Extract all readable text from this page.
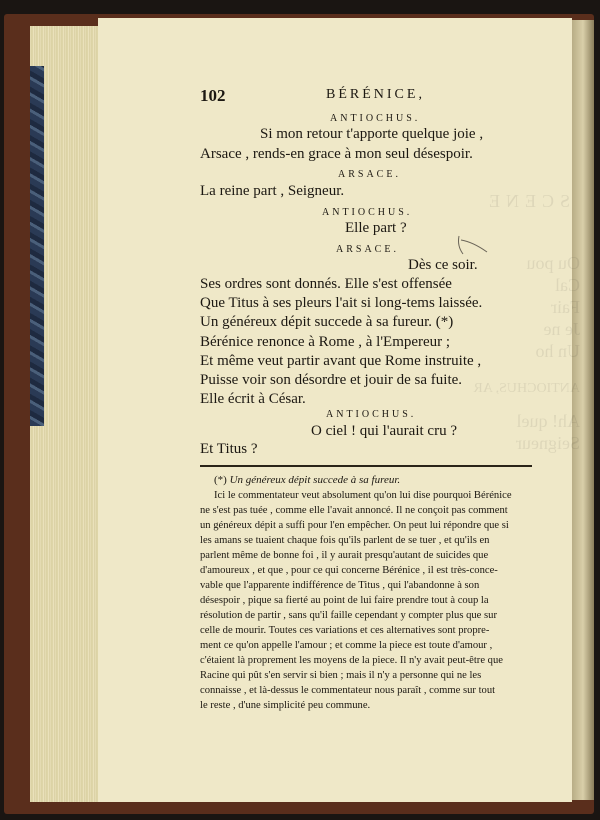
102	BÉRÉNICE,
ANTIOCHUS.
Si mon retour t'apporte quelque joie ,
Arsace , rends-en grace à mon seul désespoir.
ARSACE.
La reine part , Seigneur.
ANTIOCHUS.
Elle part ?
ARSACE.
Dès ce soir.
Ses ordres sont donnés. Elle s'est offensée
Que Titus à ses pleurs l'ait si long-tems laissée.
Un généreux dépit succede à sa fureur. (*)
Bérénice renonce à Rome , à l'Empereur ;
Et même veut partir avant que Rome instruite ,
Puisse voir son désordre et jouir de sa fuite.
Elle écrit à César.
ANTIOCHUS.
O ciel ! qui l'aurait cru ?
Et Titus ?
(*) Un généreux dépit succede à sa fureur.
Ici le commentateur veut absolument qu'on lui dise pourquoi Bérénice
ne s'est pas tuée , comme elle l'avait annoncé. Il ne conçoit pas comment
un généreux dépit a suffi pour l'en empêcher. On peut lui répondre que si
les amans se tuaient chaque fois qu'ils parlent de se tuer , et qu'ils en
parlent même de bonne foi , il y aurait presqu'autant de suicides que
d'amoureux , et que , pour ce qui concerne Bérénice , il est très-conce-
vable que l'apparente indifférence de Titus , qui l'abandonne à son
désespoir , pique sa fierté au point de lui faire prendre tout à coup la
résolution de partir , sans qu'il faille cependant y compter plus que sur
celle de mourir. Toutes ces variations et ces alternatives sont propre-
ment ce qu'on appelle l'amour ; et comme la piece est toute d'amour ,
c'étaient là proprement les moyens de la piece. Il n'y avait peut-être que
Racine qui pût s'en servir si bien ; mais il n'y a personne qui ne les
connaisse , et là-dessus le commentateur nous paraît , comme sur tout
le reste , d'une simplicité peu commune.
